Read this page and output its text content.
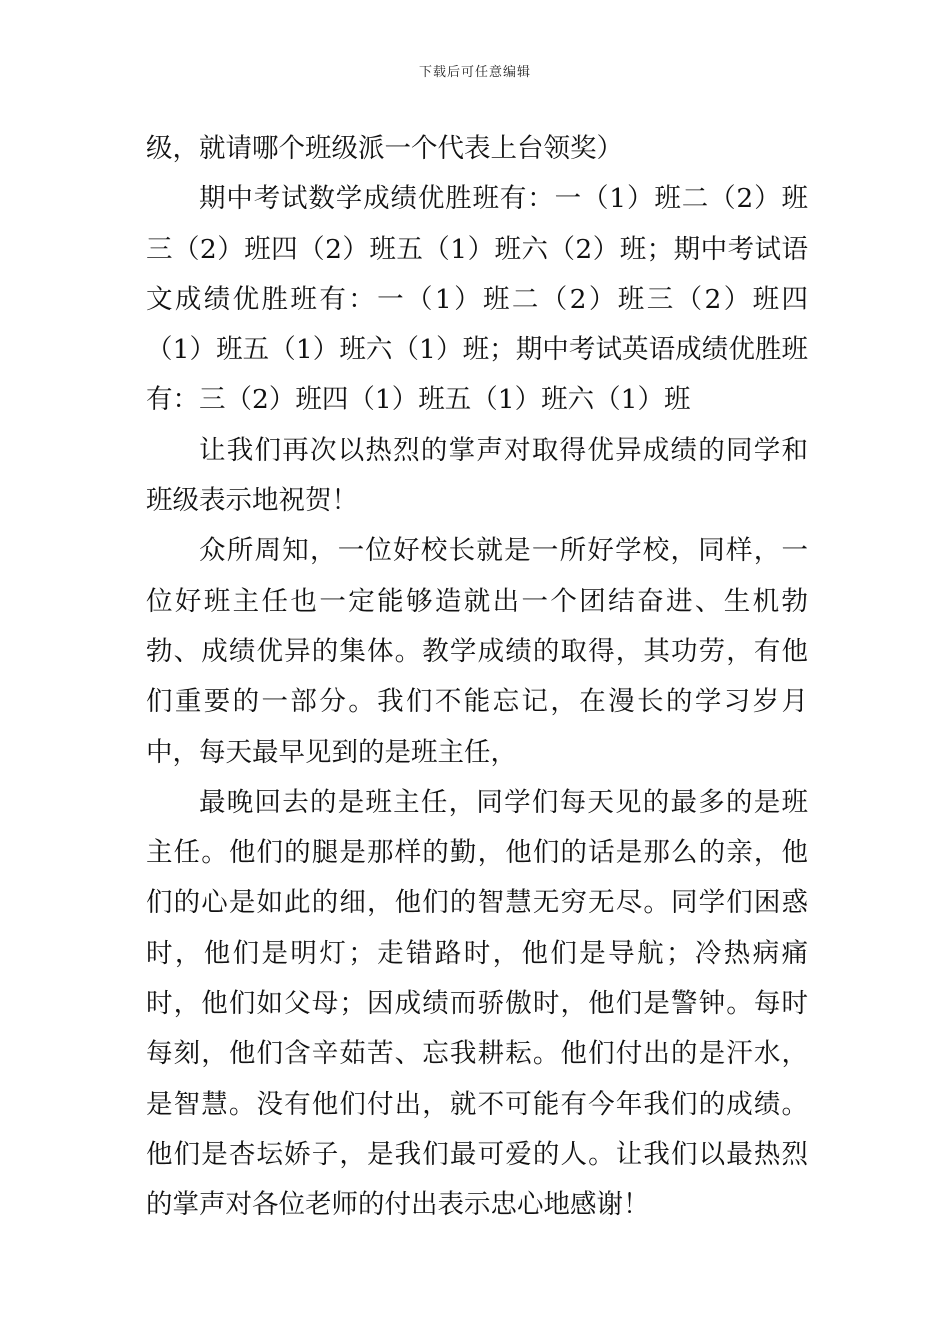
下载后可任意编辑

级，就请哪个班级派一个代表上台领奖）

期中考试数学成绩优胜班有：一（1）班二（2）班三（2）班四（2）班五（1）班六（2）班；期中考试语文成绩优胜班有：一（1）班二（2）班三（2）班四（1）班五（1）班六（1）班；期中考试英语成绩优胜班有：三（2）班四（1）班五（1）班六（1）班

让我们再次以热烈的掌声对取得优异成绩的同学和班级表示地祝贺！

众所周知，一位好校长就是一所好学校，同样，一位好班主任也一定能够造就出一个团结奋进、生机勃勃、成绩优异的集体。教学成绩的取得，其功劳，有他们重要的一部分。我们不能忘记，在漫长的学习岁月中，每天最早见到的是班主任，

最晚回去的是班主任，同学们每天见的最多的是班主任。他们的腿是那样的勤，他们的话是那么的亲，他们的心是如此的细，他们的智慧无穷无尽。同学们困惑时，他们是明灯；走错路时，他们是导航；冷热病痛时，他们如父母；因成绩而骄傲时，他们是警钟。每时每刻，他们含辛茹苦、忘我耕耘。他们付出的是汗水，是智慧。没有他们付出，就不可能有今年我们的成绩。他们是杏坛娇子，是我们最可爱的人。让我们以最热烈的掌声对各位老师的付出表示忠心地感谢！
